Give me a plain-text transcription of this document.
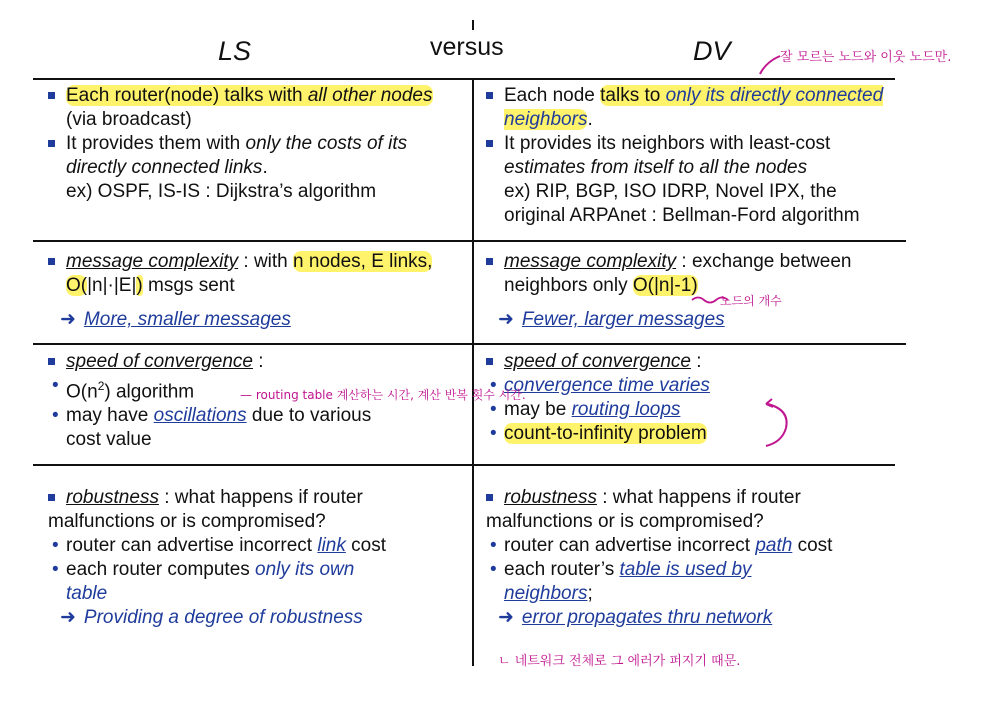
LS	versus	DV

Each router(node) talks with all other nodes (via broadcast)

It provides them with only the costs of its directly connected links.

ex) OSPF, IS-IS : Dijkstra’s algorithm

Each node talks to only its directly connected neighbors.

It provides its neighbors with least-cost estimates from itself to all the nodes

ex) RIP, BGP, ISO IDRP, Novel IPX, the

original ARPAnet : Bellman-Ford algorithm

message complexity : with n nodes, E links, O(|n|·|E|) msgs sent

➜ More, smaller messages

message complexity : exchange between neighbors only O(|n|-1)

➜ Fewer, larger messages

speed of convergence :

• $O(n^2)$ algorithm

• may have oscillations due to various

cost value

speed of convergence :

• convergence time varies

• may be routing loops

• count-to-infinity problem

robustness : what happens if router

malfunctions or is compromised?

• router can advertise incorrect link cost

• each router computes only its own

table

➜ Providing a degree of robustness

robustness : what happens if router

malfunctions or is compromised?

• router can advertise incorrect path cost

• each router’s table is used by

neighbors;

➜ error propagates thru network

잘 모르는 노드와 이웃 노드만.
노드의 개수
— routing table 계산하는 시간, 계산 반복 횟수 시간.
ㄴ 네트워크 전체로 그 에러가 퍼지기 때문.
